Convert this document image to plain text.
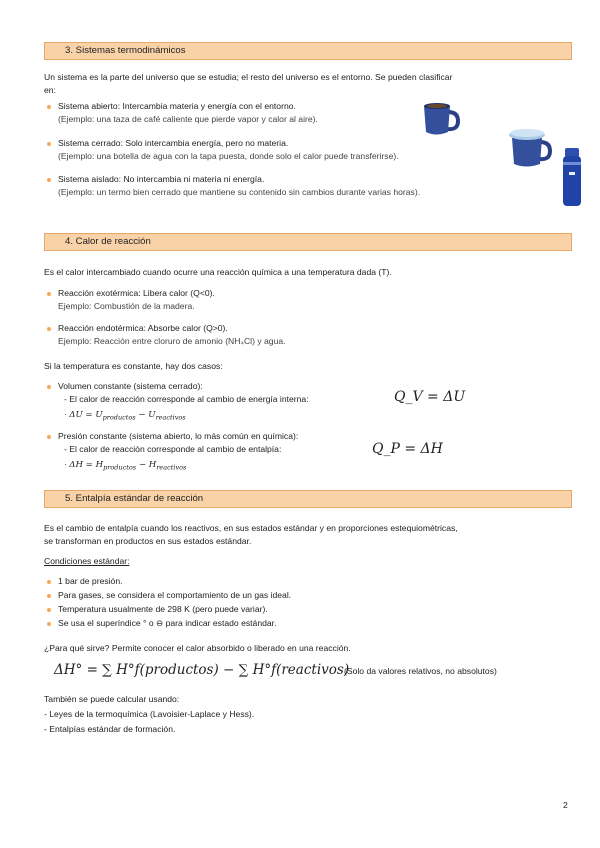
3. Sistemas termodinámicos
Un sistema es la parte del universo que se estudia; el resto del universo es el entorno. Se pueden clasificar
en:
Sistema abierto: Intercambia materia y energía con el entorno.
(Ejemplo: una taza de café caliente que pierde vapor y calor al aire).
Sistema cerrado: Solo intercambia energía, pero no materia.
(Ejemplo: una botella de agua con la tapa puesta, donde solo el calor puede transferirse).
Sistema aislado: No intercambia ni materia ni energía.
(Ejemplo: un termo bien cerrado que mantiene su contenido sin cambios durante varias horas).
4. Calor de reacción
Es el calor intercambiado cuando ocurre una reacción química a una temperatura dada (T).
Reacción exotérmica: Libera calor (Q<0).
Ejemplo: Combustión de la madera.
Reacción endotérmica: Absorbe calor (Q>0).
Ejemplo: Reacción entre cloruro de amonio (NH₄Cl) y agua.
Si la temperatura es constante, hay dos casos:
Volumen constante (sistema cerrado):
- El calor de reacción corresponde al cambio de energía interna:	Q_V = ΔU
· $\Delta U = U_{productos} - U_{reactivos}$
Presión constante (sistema abierto, lo más común en química):
- El calor de reacción corresponde al cambio de entalpía:	Q_P = ΔH
· $\Delta H = H_{productos} - H_{reactivos}$
5. Entalpía estándar de reacción
Es el cambio de entalpía cuando los reactivos, en sus estados estándar y en proporciones estequiométricas,
se transforman en productos en sus estados estándar.
Condiciones estándar:
1 bar de presión.
Para gases, se considera el comportamiento de un gas ideal.
Temperatura usualmente de 298 K (pero puede variar).
Se usa el superíndice ° o ⊖ para indicar estado estándar.
¿Para qué sirve? Permite conocer el calor absorbido o liberado en una reacción.
ΔH° = ∑ H°f(productos) − ∑ H°f(reactivos)
(Solo da valores relativos, no absolutos)
También se puede calcular usando:
- Leyes de la termoquímica (Lavoisier-Laplace y Hess).
- Entalpías estándar de formación.
2
